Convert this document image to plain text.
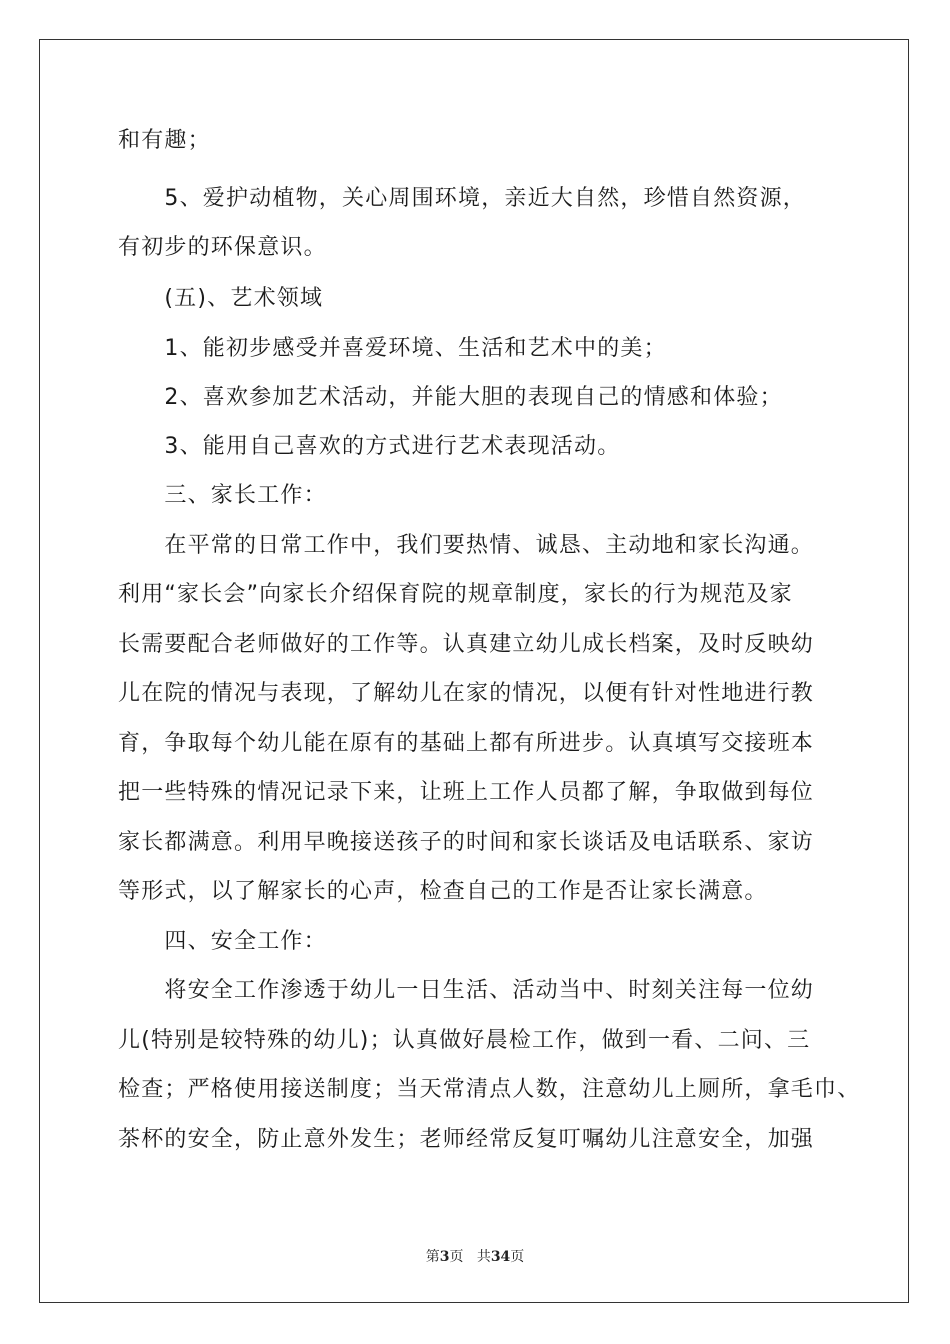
和有趣；
　　5、爱护动植物，关心周围环境，亲近大自然，珍惜自然资源，
有初步的环保意识。
　　(五)、艺术领域
　　1、能初步感受并喜爱环境、生活和艺术中的美；
　　2、喜欢参加艺术活动，并能大胆的表现自己的情感和体验；
　　3、能用自己喜欢的方式进行艺术表现活动。
　　三、家长工作：
　　在平常的日常工作中，我们要热情、诚恳、主动地和家长沟通。
利用“家长会”向家长介绍保育院的规章制度，家长的行为规范及家
长需要配合老师做好的工作等。认真建立幼儿成长档案，及时反映幼
儿在院的情况与表现，了解幼儿在家的情况，以便有针对性地进行教
育，争取每个幼儿能在原有的基础上都有所进步。认真填写交接班本
把一些特殊的情况记录下来，让班上工作人员都了解，争取做到每位
家长都满意。利用早晚接送孩子的时间和家长谈话及电话联系、家访
等形式，以了解家长的心声，检查自己的工作是否让家长满意。
　　四、安全工作：
　　将安全工作渗透于幼儿一日生活、活动当中、时刻关注每一位幼
儿(特别是较特殊的幼儿)；认真做好晨检工作，做到一看、二问、三
检查；严格使用接送制度；当天常清点人数，注意幼儿上厕所，拿毛巾、
茶杯的安全，防止意外发生；老师经常反复叮嘱幼儿注意安全，加强
第3页 共34页
